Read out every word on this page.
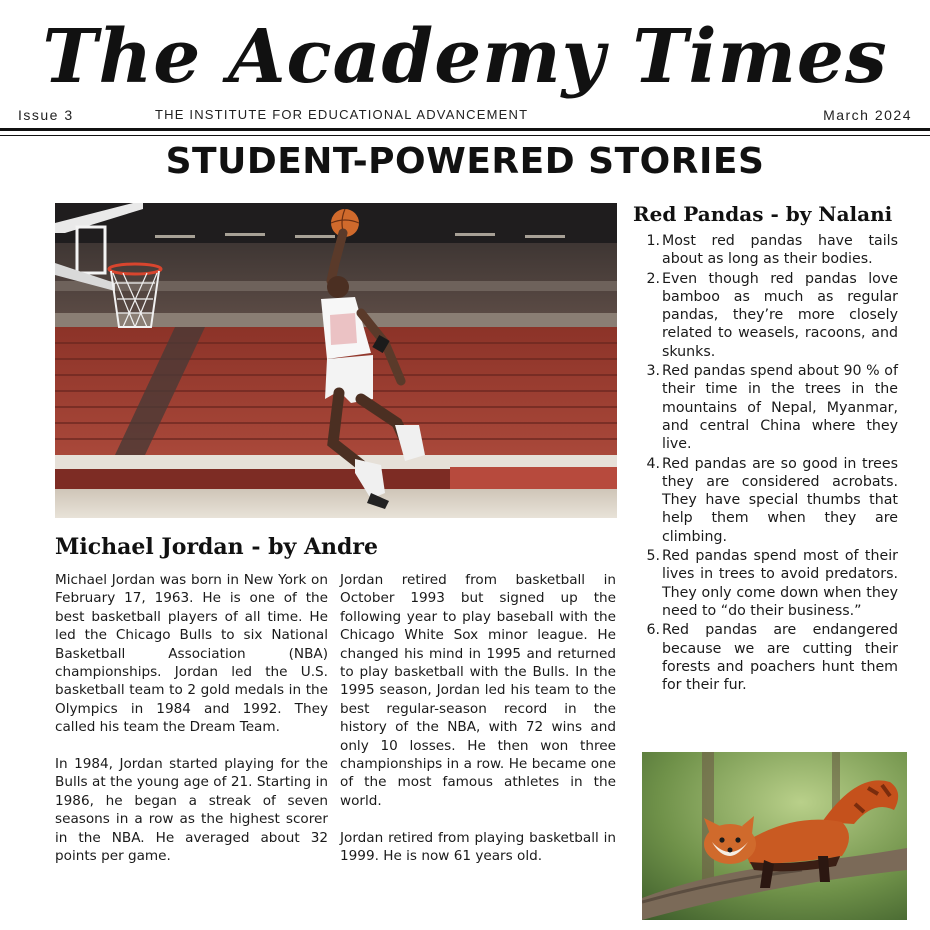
The Academy Times
Issue 3	THE INSTITUTE FOR EDUCATIONAL ADVANCEMENT	March 2024
STUDENT-POWERED STORIES
Michael Jordan - by Andre

Michael Jordan was born in New York on February 17, 1963. He is one of the best basketball players of all time. He led the Chicago Bulls to six National Basketball Association (NBA) championships. Jordan led the U.S. basketball team to 2 gold medals in the Olympics in 1984 and 1992. They called his team the Dream Team.

In 1984, Jordan started playing for the Bulls at the young age of 21. Starting in 1986, he began a streak of seven seasons in a row as the highest scorer in the NBA. He averaged about 32 points per game.

Jordan retired from basketball in October 1993 but signed up the following year to play baseball with the Chicago White Sox minor league. He changed his mind in 1995 and returned to play basketball with the Bulls. In the 1995 season, Jordan led his team to the best regular-season record in the history of the NBA, with 72 wins and only 10 losses. He then won three championships in a row. He became one of the most famous athletes in the world.

Jordan retired from playing basketball in 1999. He is now 61 years old.

Red Pandas - by Nalani
1. Most red pandas have tails about as long as their bodies.
2. Even though red pandas love bamboo as much as regular pandas, they’re more closely related to weasels, racoons, and skunks.
3. Red pandas spend about 90 % of their time in the trees in the mountains of Nepal, Myanmar, and central China where they live.
4. Red pandas are so good in trees they are considered acrobats. They have special thumbs that help them when they are climbing.
5. Red pandas spend most of their lives in trees to avoid predators. They only come down when they need to “do their business.”
6. Red pandas are endangered because we are cutting their forests and poachers hunt them for their fur.
